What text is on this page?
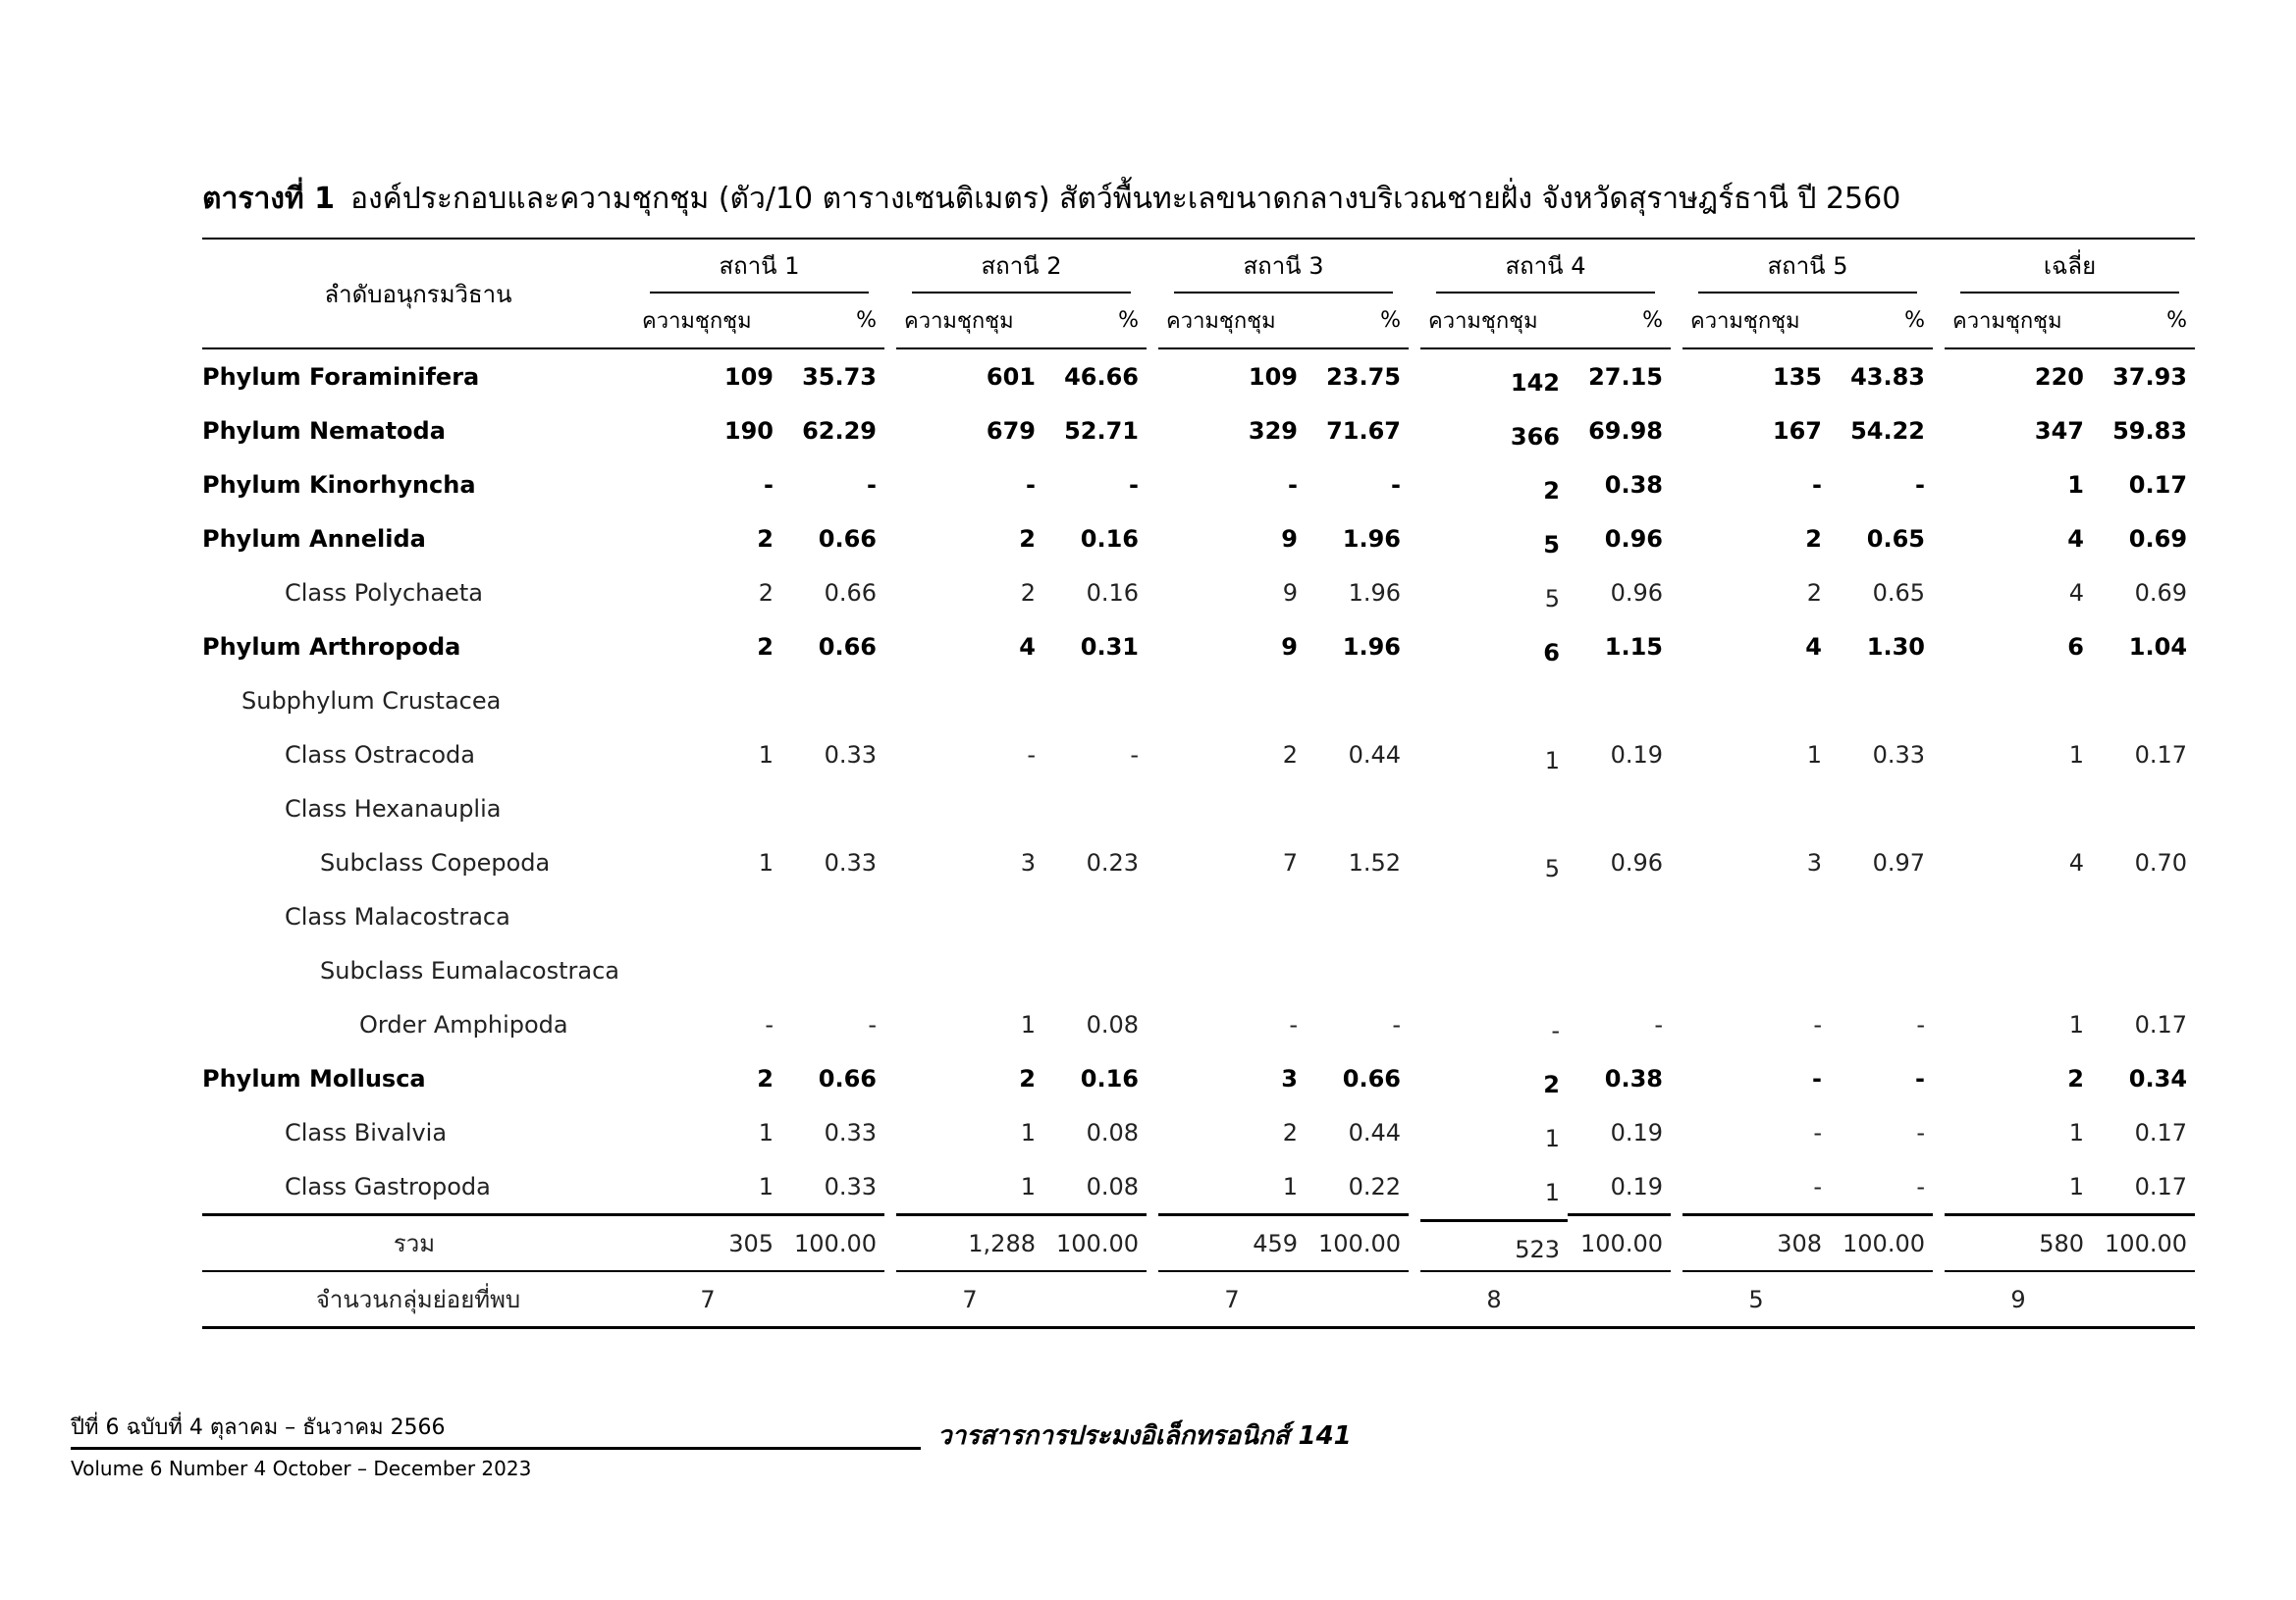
ตารางที่ 1 องค์ประกอบและความชุกชุม (ตัว/10 ตารางเซนติเมตร) สัตว์พื้นทะเลขนาดกลางบริเวณชายฝั่ง จังหวัดสุราษฎร์ธานี ปี 2560
ลำดับอนุกรมวิธาน	สถานี 1			สถานี 2			สถานี 3			สถานี 4			สถานี 5			เฉลี่ย	

	ความชุกชุม	%		ความชุกชุม	%		ความชุกชุม	%		ความชุกชุม	%		ความชุกชุม	%		ความชุกชุม	%
Phylum Foraminifera	109	35.73		601	46.66		109	23.75		142	27.15		135	43.83		220	37.93
Phylum Nematoda	190	62.29		679	52.71		329	71.67		366	69.98		167	54.22		347	59.83
Phylum Kinorhyncha	-	-		-	-		-	-		2	0.38		-	-		1	0.17
Phylum Annelida	2	0.66		2	0.16		9	1.96		5	0.96		2	0.65		4	0.69
Class Polychaeta	2	0.66		2	0.16		9	1.96		5	0.96		2	0.65		4	0.69
Phylum Arthropoda	2	0.66		4	0.31		9	1.96		6	1.15		4	1.30		6	1.04
Subphylum Crustacea																	
Class Ostracoda	1	0.33		-	-		2	0.44		1	0.19		1	0.33		1	0.17
Class Hexanauplia																	
Subclass Copepoda	1	0.33		3	0.23		7	1.52		5	0.96		3	0.97		4	0.70
Class Malacostraca																	
Subclass Eumalacostraca																	
Order Amphipoda	-	-		1	0.08		-	-		-	-		-	-		1	0.17
Phylum Mollusca	2	0.66		2	0.16		3	0.66		2	0.38		-	-		2	0.34
Class Bivalvia	1	0.33		1	0.08		2	0.44		1	0.19		-	-		1	0.17
Class Gastropoda	1	0.33		1	0.08		1	0.22		1	0.19		-	-		1	0.17
รวม	305	100.00		1,288	100.00		459	100.00		523	100.00		308	100.00		580	100.00
จำนวนกลุ่มย่อยที่พบ	7			7			7			8			5			9	
ปีที่ 6 ฉบับที่ 4 ตุลาคม – ธันวาคม 2566
Volume 6 Number 4 October – December 2023
วารสารการประมงอิเล็กทรอนิกส์ 141
